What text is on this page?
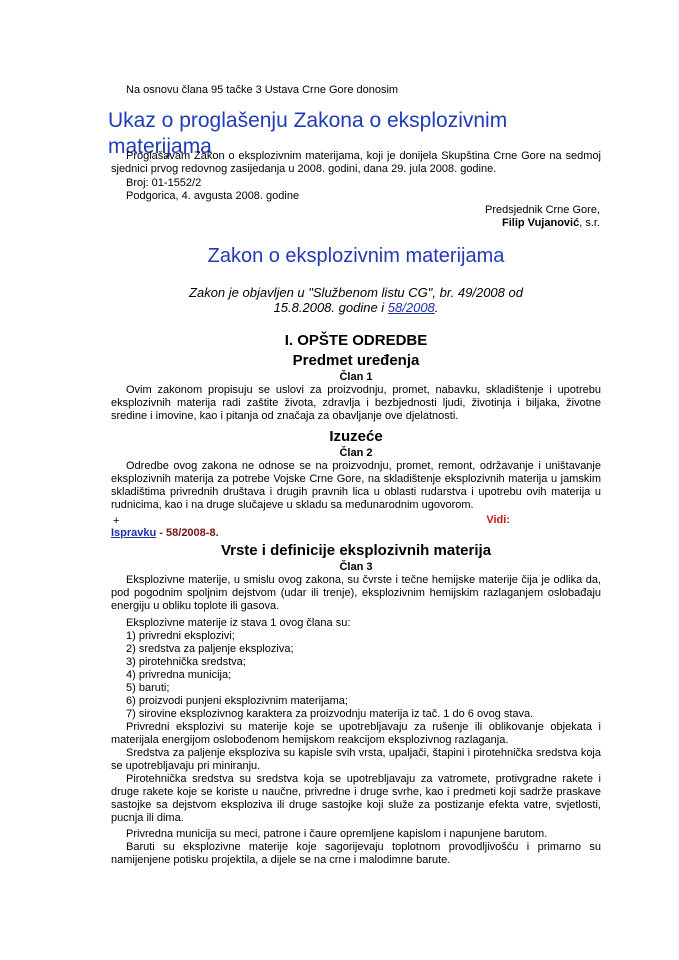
Na osnovu člana 95 tačke 3 Ustava Crne Gore donosim

Ukaz o proglašenju Zakona o eksplozivnim materijama

Proglašavam Zakon o eksplozivnim materijama, koji je donijela Skupština Crne Gore na sedmoj sjednici prvog redovnog zasijedanja u 2008. godini, dana 29. jula 2008. godine.

Broj: 01-1552/2

Podgorica, 4. avgusta 2008. godine

Predsjednik Crne Gore,

Filip Vujanović, s.r.

Zakon o eksplozivnim materijama

Zakon je objavljen u "Službenom listu CG", br. 49/2008 od

15.8.2008. godine i 58/2008.

I. OPŠTE ODREDBE
Predmet uređenja
Član 1

Ovim zakonom propisuju se uslovi za proizvodnju, promet, nabavku, skladištenje i upotrebu eksplozivnih materija radi zaštite života, zdravlja i bezbjednosti ljudi, životinja i biljaka, životne sredine i imovine, kao i pitanja od značaja za obavljanje ove djelatnosti.

Izuzeće
Član 2

Odredbe ovog zakona ne odnose se na proizvodnju, promet, remont, održavanje i uništavanje eksplozivnih materija za potrebe Vojske Crne Gore, na skladištenje eksplozivnih materija u jamskim skladištima privrednih društava i drugih pravnih lica u oblasti rudarstva i upotrebu ovih materija u rudnicima, kao i na druge slučajeve u skladu sa međunarodnim ugovorom.

+	Vidi:

Ispravku - 58/2008-8.

Vrste i definicije eksplozivnih materija
Član 3

Eksplozivne materije, u smislu ovog zakona, su čvrste i tečne hemijske materije čija je odlika da, pod pogodnim spoljnim dejstvom (udar ili trenje), eksplozivnim hemijskim razlaganjem oslobađaju energiju u obliku toplote ili gasova.

Eksplozivne materije iz stava 1 ovog člana su:

1) privredni eksplozivi;

2) sredstva za paljenje eksploziva;

3) pirotehnička sredstva;

4) privredna municija;

5) baruti;

6) proizvodi punjeni eksplozivnim materijama;

7) sirovine eksplozivnog karaktera za proizvodnju materija iz tač. 1 do 6 ovog stava.

Privredni eksplozivi su materije koje se upotrebljavaju za rušenje ili oblikovanje objekata i materijala energijom oslobođenom hemijskom reakcijom eksplozivnog razlaganja.

Sredstva za paljenje eksploziva su kapisle svih vrsta, upaljači, štapini i pirotehnička sredstva koja se upotrebljavaju pri miniranju.

Pirotehnička sredstva su sredstva koja se upotrebljavaju za vatromete, protivgradne rakete i druge rakete koje se koriste u naučne, privredne i druge svrhe, kao i predmeti koji sadrže praskave sastojke sa dejstvom eksploziva ili druge sastojke koji služe za postizanje efekta vatre, svjetlosti, pucnja ili dima.

Privredna municija su meci, patrone i čaure opremljene kapislom i napunjene barutom.

Baruti su eksplozivne materije koje sagorijevaju toplotnom provodljivošću i primarno su namijenjene potisku projektila, a dijele se na crne i malodimne barute.
